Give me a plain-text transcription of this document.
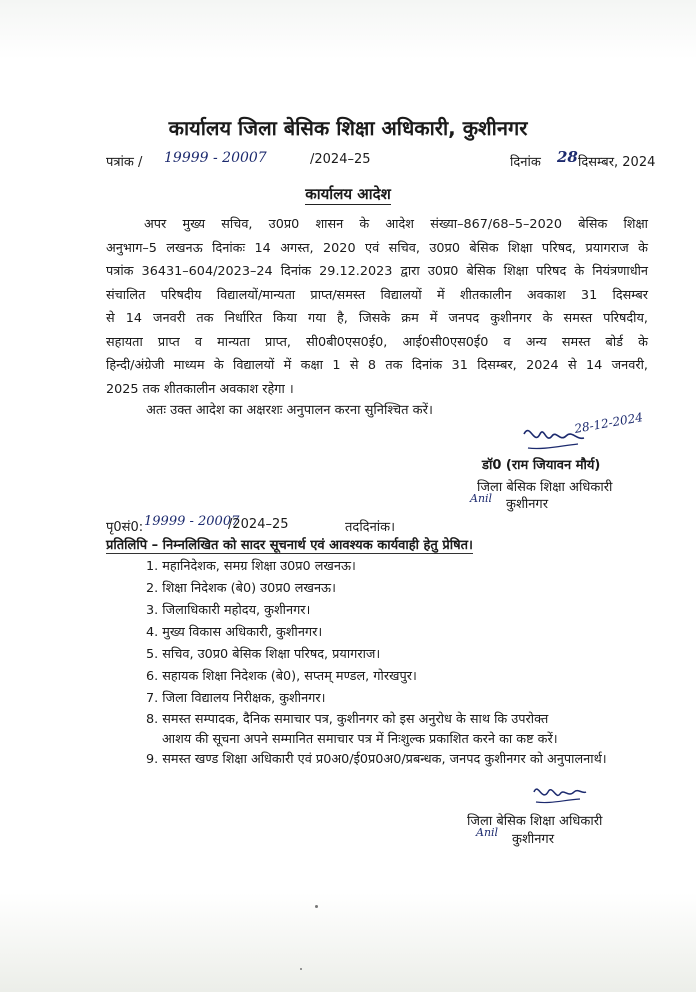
कार्यालय जिला बेसिक शिक्षा अधिकारी, कुशीनगर
पत्रांक / 19999 - 20007	/2024–25	दिनांक 28 दिसम्बर, 2024
कार्यालय आदेश
अपर मुख्य सचिव, उ0प्र0 शासन के आदेश संख्या–867/68–5–2020 बेसिक शिक्षा
अनुभाग–5 लखनऊ दिनांकः 14 अगस्त, 2020 एवं सचिव, उ0प्र0 बेसिक शिक्षा परिषद, प्रयागराज के
पत्रांक 36431–604/2023–24 दिनांक 29.12.2023 द्वारा उ0प्र0 बेसिक शिक्षा परिषद के नियंत्रणाधीन
संचालित परिषदीय विद्यालयों/मान्यता प्राप्त/समस्त विद्यालयों में शीतकालीन अवकाश 31 दिसम्बर
से 14 जनवरी तक निर्धारित किया गया है, जिसके क्रम में जनपद कुशीनगर के समस्त परिषदीय,
सहायता प्राप्त व मान्यता प्राप्त, सी0बी0एस0ई0, आई0सी0एस0ई0 व अन्य समस्त बोर्ड के
हिन्दी/अंग्रेजी माध्यम के विद्यालयों में कक्षा 1 से 8 तक दिनांक 31 दिसम्बर, 2024 से 14 जनवरी,
2025 तक शीतकालीन अवकाश रहेगा ।
अतः उक्त आदेश का अक्षरशः अनुपालन करना सुनिश्चित करें।	28-12-2024
डॉ0 (राम जियावन मौर्य)
जिला बेसिक शिक्षा अधिकारी
Anil कुशीनगर
पृ0सं0: 19999 - 20007
/2024–25	तददिनांक।
प्रतिलिपि – निम्नलिखित को सादर सूचनार्थ एवं आवश्यक कार्यवाही हेतु प्रेषित।
1. महानिदेशक, समग्र शिक्षा उ0प्र0 लखनऊ।
2. शिक्षा निदेशक (बे0) उ0प्र0 लखनऊ।
3. जिलाधिकारी महोदय, कुशीनगर।
4. मुख्य विकास अधिकारी, कुशीनगर।
5. सचिव, उ0प्र0 बेसिक शिक्षा परिषद, प्रयागराज।
6. सहायक शिक्षा निदेशक (बे0), सप्तम् मण्डल, गोरखपुर।
7. जिला विद्यालय निरीक्षक, कुशीनगर।
8. समस्त सम्पादक, दैनिक समाचार पत्र, कुशीनगर को इस अनुरोध के साथ कि उपरोक्त
आशय की सूचना अपने सम्मानित समाचार पत्र में निःशुल्क प्रकाशित करने का कष्ट करें।
9. समस्त खण्ड शिक्षा अधिकारी एवं प्र0अ0/ई0प्र0अ0/प्रबन्धक, जनपद कुशीनगर को अनुपालनार्थ।
जिला बेसिक शिक्षा अधिकारी
Anil कुशीनगर
